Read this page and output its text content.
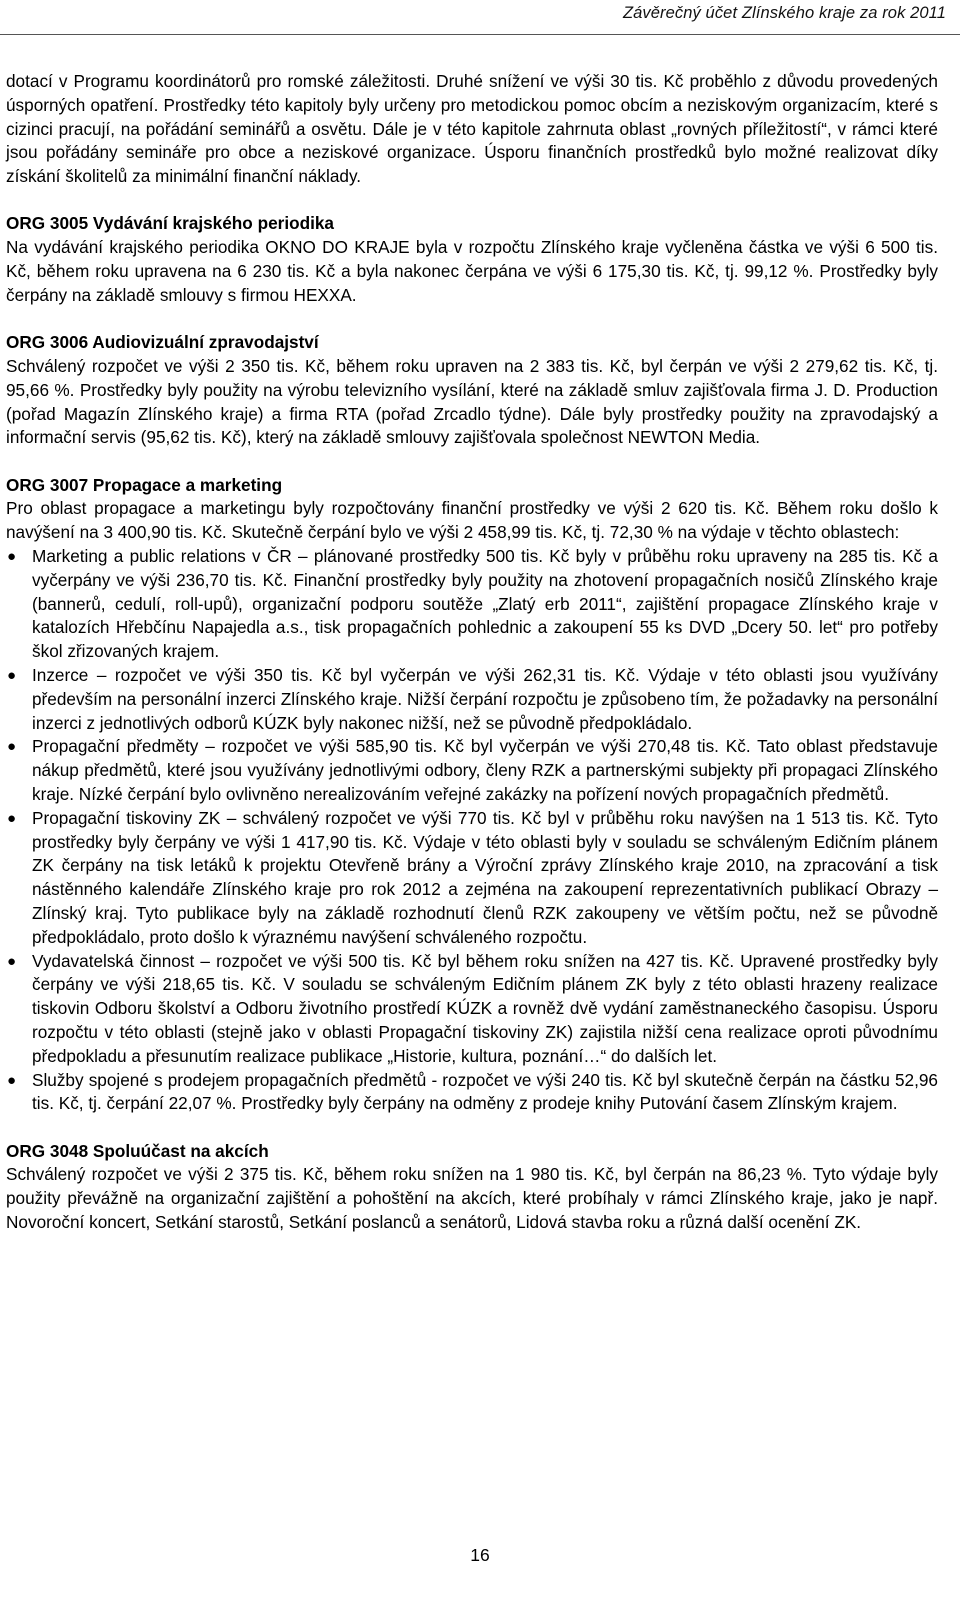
Závěrečný účet Zlínského kraje za rok 2011

dotací v Programu koordinátorů pro romské záležitosti. Druhé snížení ve výši 30 tis. Kč proběhlo z důvodu provedených úsporných opatření. Prostředky této kapitoly byly určeny pro metodickou pomoc obcím a neziskovým organizacím, které s cizinci pracují, na pořádání seminářů a osvětu. Dále je v této kapitole zahrnuta oblast „rovných příležitostí“, v rámci které jsou pořádány semináře pro obce a neziskové organizace. Úsporu finančních prostředků bylo možné realizovat díky získání školitelů za minimální finanční náklady.

ORG 3005 Vydávání krajského periodika

Na vydávání krajského periodika OKNO DO KRAJE byla v rozpočtu Zlínského kraje vyčleněna částka ve výši 6 500 tis. Kč, během roku upravena na 6 230 tis. Kč a byla nakonec čerpána ve výši 6 175,30 tis. Kč, tj. 99,12 %. Prostředky byly čerpány na základě smlouvy s firmou HEXXA.

ORG 3006 Audiovizuální zpravodajství

Schválený rozpočet ve výši 2 350 tis. Kč, během roku upraven na 2 383 tis. Kč, byl čerpán ve výši 2 279,62 tis. Kč, tj. 95,66 %. Prostředky byly použity na výrobu televizního vysílání, které na základě smluv zajišťovala firma J. D. Production (pořad Magazín Zlínského kraje) a firma RTA (pořad Zrcadlo týdne). Dále byly prostředky použity na zpravodajský a informační servis (95,62 tis. Kč), který na základě smlouvy zajišťovala společnost NEWTON Media.

ORG 3007 Propagace a marketing

Pro oblast propagace a marketingu byly rozpočtovány finanční prostředky ve výši 2 620 tis. Kč. Během roku došlo k navýšení na 3 400,90 tis. Kč. Skutečně čerpání bylo ve výši 2 458,99 tis. Kč, tj. 72,30 % na výdaje v těchto oblastech:

● Marketing a public relations v ČR – plánované prostředky 500 tis. Kč byly v průběhu roku upraveny na 285 tis. Kč a vyčerpány ve výši 236,70 tis. Kč. Finanční prostředky byly použity na zhotovení propagačních nosičů Zlínského kraje (bannerů, cedulí, roll-upů), organizační podporu soutěže „Zlatý erb 2011“, zajištění propagace Zlínského kraje v katalozích Hřebčínu Napajedla a.s., tisk propagačních pohlednic a zakoupení 55 ks DVD „Dcery 50. let“ pro potřeby škol zřizovaných krajem.
● Inzerce – rozpočet ve výši 350 tis. Kč byl vyčerpán ve výši 262,31 tis. Kč. Výdaje v této oblasti jsou využívány především na personální inzerci Zlínského kraje. Nižší čerpání rozpočtu je způsobeno tím, že požadavky na personální inzerci z jednotlivých odborů KÚZK byly nakonec nižší, než se původně předpokládalo.
● Propagační předměty – rozpočet ve výši 585,90 tis. Kč byl vyčerpán ve výši 270,48 tis. Kč. Tato oblast představuje nákup předmětů, které jsou využívány jednotlivými odbory, členy RZK a partnerskými subjekty při propagaci Zlínského kraje. Nízké čerpání bylo ovlivněno nerealizováním veřejné zakázky na pořízení nových propagačních předmětů.
● Propagační tiskoviny ZK – schválený rozpočet ve výši 770 tis. Kč byl v průběhu roku navýšen na 1 513 tis. Kč. Tyto prostředky byly čerpány ve výši 1 417,90 tis. Kč. Výdaje v této oblasti byly v souladu se schváleným Edičním plánem ZK čerpány na tisk letáků k projektu Otevřeně brány a Výroční zprávy Zlínského kraje 2010, na zpracování a tisk nástěnného kalendáře Zlínského kraje pro rok 2012 a zejména na zakoupení reprezentativních publikací Obrazy – Zlínský kraj. Tyto publikace byly na základě rozhodnutí členů RZK zakoupeny ve větším počtu, než se původně předpokládalo, proto došlo k výraznému navýšení schváleného rozpočtu.
● Vydavatelská činnost – rozpočet ve výši 500 tis. Kč byl během roku snížen na 427 tis. Kč. Upravené prostředky byly čerpány ve výši 218,65 tis. Kč. V souladu se schváleným Edičním plánem ZK byly z této oblasti hrazeny realizace tiskovin Odboru školství a Odboru životního prostředí KÚZK a rovněž dvě vydání zaměstnaneckého časopisu. Úsporu rozpočtu v této oblasti (stejně jako v oblasti Propagační tiskoviny ZK) zajistila nižší cena realizace oproti původnímu předpokladu a přesunutím realizace publikace „Historie, kultura, poznání…“ do dalších let.
● Služby spojené s prodejem propagačních předmětů - rozpočet ve výši 240 tis. Kč byl skutečně čerpán na částku 52,96 tis. Kč, tj. čerpání 22,07 %. Prostředky byly čerpány na odměny z prodeje knihy Putování časem Zlínským krajem.
ORG 3048 Spoluúčast na akcích

Schválený rozpočet ve výši 2 375 tis. Kč, během roku snížen na 1 980 tis. Kč, byl čerpán na 86,23 %. Tyto výdaje byly použity převážně na organizační zajištění a pohoštění na akcích, které probíhaly v rámci Zlínského kraje, jako je např. Novoroční koncert, Setkání starostů, Setkání poslanců a senátorů, Lidová stavba roku a různá další ocenění ZK.

16
